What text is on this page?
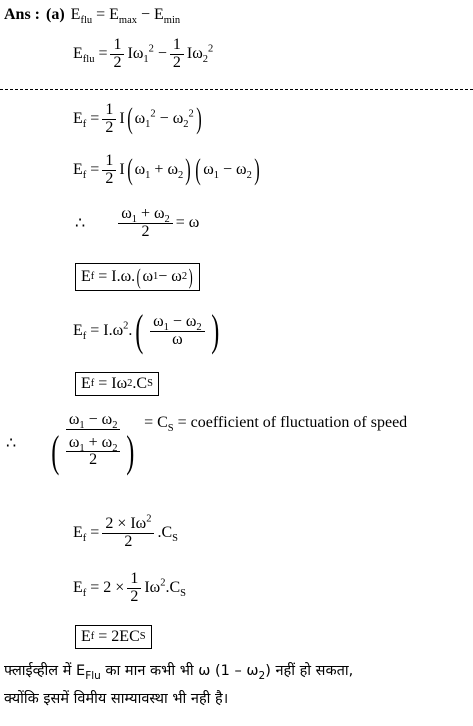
Ans : (a) $E_{flu} = E_{max} - E_{min}$
$E_{flu} = \frac{1}{2} I\omega_1^2 - \frac{1}{2} I\omega_2^2$
$E_f = \frac{1}{2}$ I ( $\omega_1^2 - \omega_2^2$ )
$E_f = \frac{1}{2}$ I ( $\omega_1 + \omega_2$ ) ( $\omega_1 - \omega_2$ )
∴ $\frac{\omega_1 + \omega_2}{2} = \omega$
E f = I.ω. ( ω 1 − ω 2 )
$E_f = I.\omega^2$. ( $\frac{\omega_1 - \omega_2}{\omega}$ )
E f = Iω 2 .C S
∴ $\frac{\omega_1 - \omega_2}{( \frac{\omega_1 + \omega_2}{2} )} = C_S$ = coefficient of fluctuation of speed
$E_f = \frac{2 \times I\omega^2}{2} .C_S$
$E_f = 2 \times \frac{1}{2} I\omega^2.C_S$
E f = 2EC S
फ्लाईव्हील में $E_{Flu}$ का मान कभी भी ω $(1 - \omega_2)$ नहीं हो सकता,
क्योंकि इसमें विमीय साम्यावस्था भी नही है।
